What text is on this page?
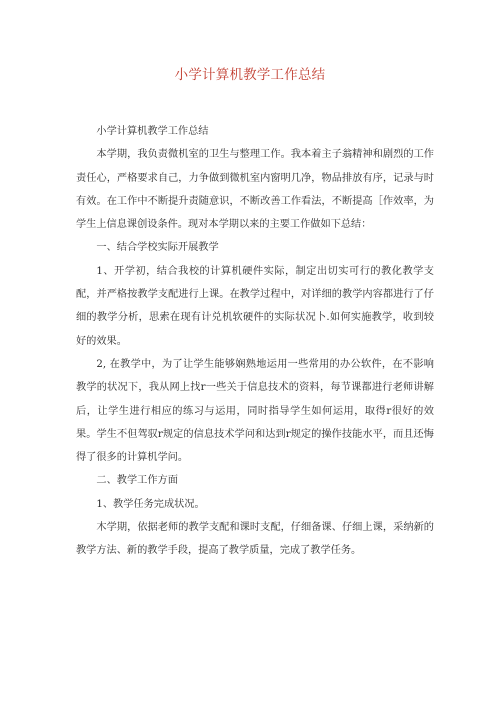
小学计算机教学工作总结

小学计算机教学工作总结

本学期，我负责微机室的卫生与整理工作。我本着主子翁精神和剧烈的工作责任心，严格要求自己，力争做到微机室内窗明几净，物品排放有序，记录与时有效。在工作中不断提升责随意识，不断改善工作看法，不断提高［作效率，为学生上信息课创设条件。现对本学期以来的主要工作做如下总结：

一、结合学校实际开展教学

1、开学初，结合我校的计算机硬件实际，制定出切实可行的教化教学支配，并严格按教学支配进行上课。在教学过程中，对详细的教学内容都进行了仔细的教学分析，思索在现有计兑机软硬件的实际状况卜.如何实施教学，收到较好的效果。

2, 在教学中，为了让学生能够娴熟地运用一些常用的办公软件，在不影响教学的状况下，我从网上找r一些关于信息技术的资料，每节课都进行老师讲解后，让学生进行相应的练习与运用，同时指导学生如何运用，取得r很好的效果。学生不但驾驭r规定的信息技术学问和达到r规定的操作技能水平，而且还悔得了很多的计算机学问。

二、教学工作方面

1、教学任务完成状况。

木学期，依据老师的教学支配和课时支配，仔细备课、仔细上课，采纳新的教学方法、新的教学手段，提高了教学质量，完成了教学任务。
